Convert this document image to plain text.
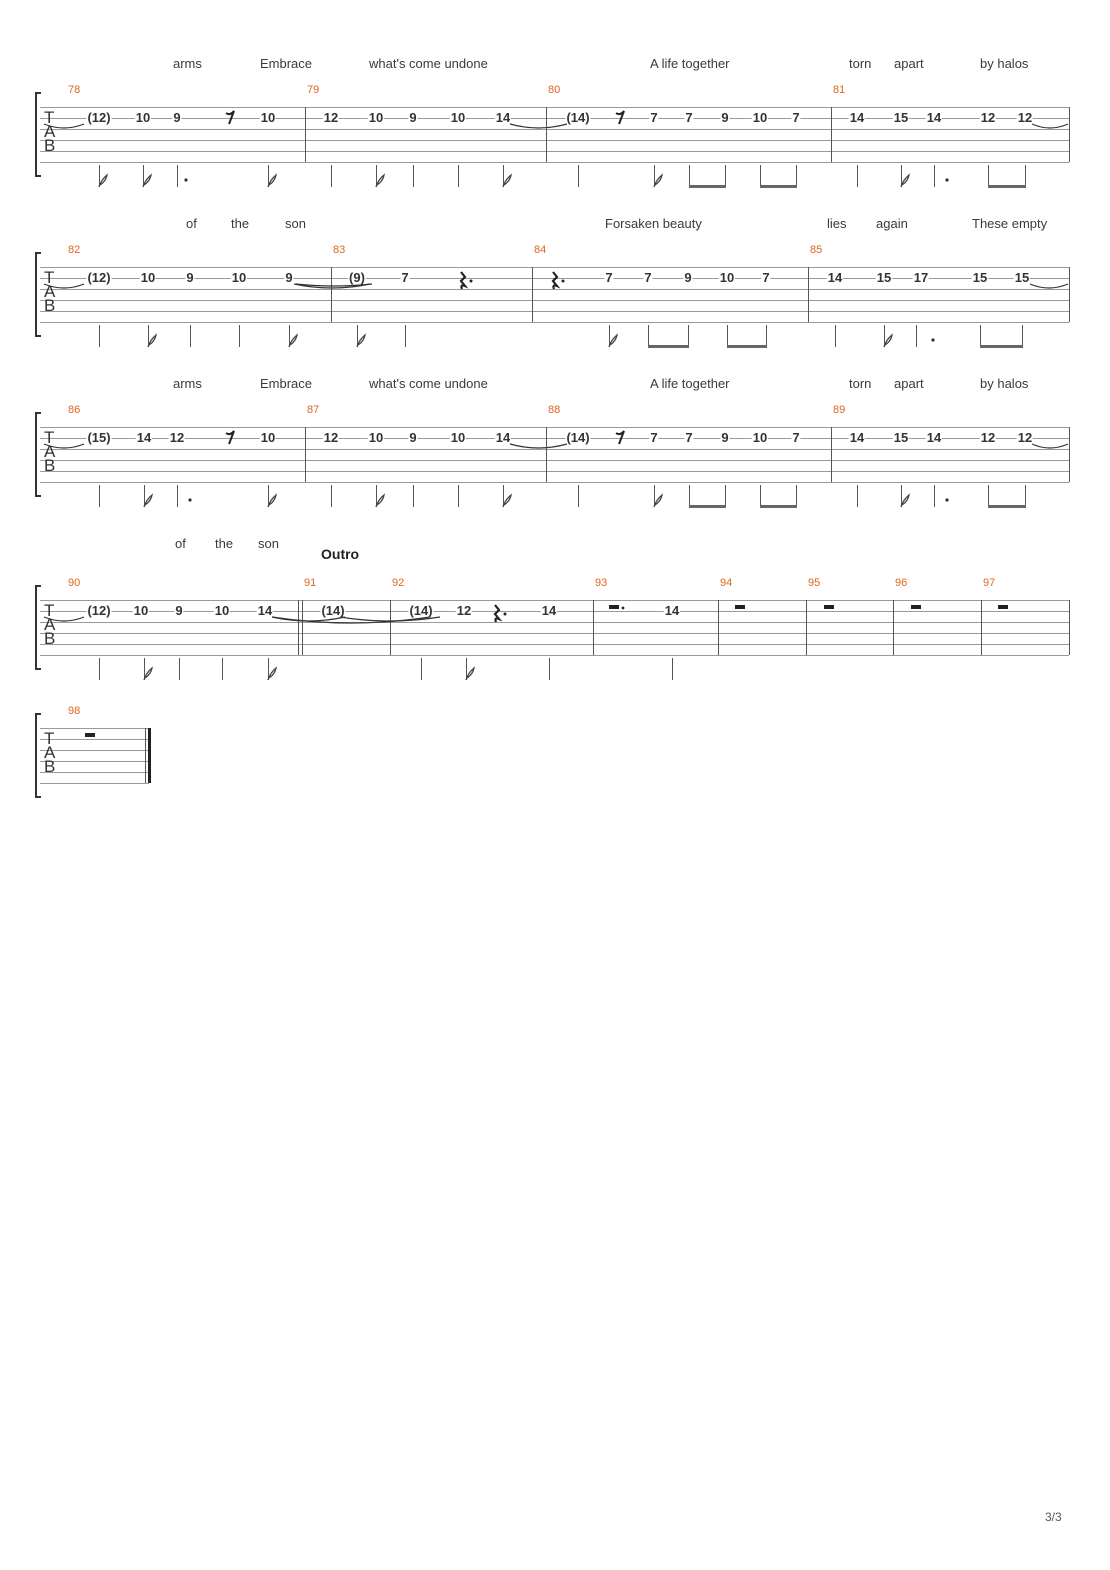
T
A
B
arms	Embrace	what's come undone	A life together	torn apart	by halos
78
(12) 10 9	10
79
12 10 9	10 14
80
(14)	7 7 9 10 7
81
14 15 14	12 12
T
A
B
of	the	son	Forsaken beauty	lies again	These empty
82
(12) 10 9	10	9
83
(9)	7
84
7 7	9 10 7
85
14	15 17	15 15
T
A
B
arms	Embrace	what's come undone	A life together	torn apart	by halos
86
(15) 14 12	10
87
12 10 9	10 14
88
(14)	7 7 9 10 7
89
14 15 14	12 12
T
A
B
of the son
Outro
90
(12) 10 9 10 14
91
(14)
92
(14) 12	14
93
14
94	95	96	97
T
A
B
98
3/3
